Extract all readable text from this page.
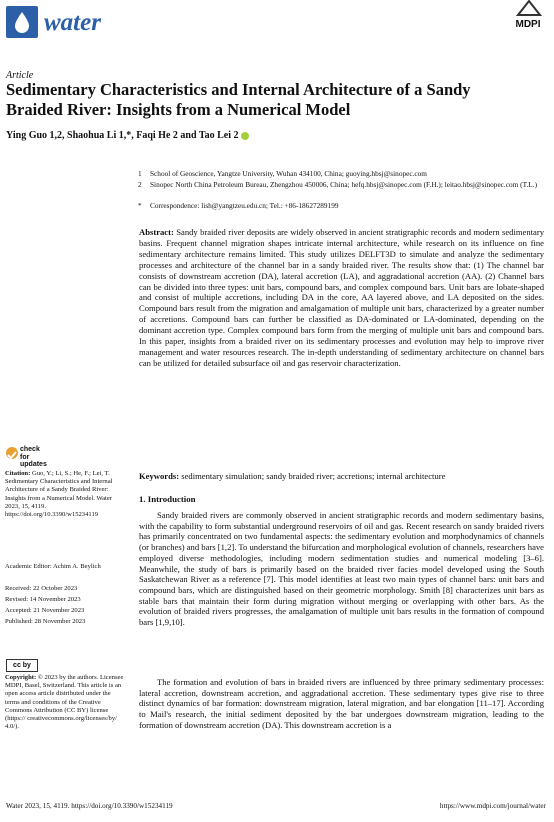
water	MDPI
Article
Sedimentary Characteristics and Internal Architecture of a Sandy Braided River: Insights from a Numerical Model
Ying Guo 1,2, Shaohua Li 1,*, Faqi He 2 and Tao Lei 2
1 School of Geoscience, Yangtze University, Wuhan 434100, China; guoying.hbsj@sinopec.com
2 Sinopec North China Petroleum Bureau, Zhengzhou 450006, China; hefq.hbsj@sinopec.com (F.H.); leitao.hbsj@sinopec.com (T.L.)
* Correspondence: lish@yangtzeu.edu.cn; Tel.: +86-18627289199
Abstract: Sandy braided river deposits are widely observed in ancient stratigraphic records and modern sedimentary basins. Frequent channel migration shapes intricate internal architecture, while research on its influence on fine sedimentary architecture remains limited. This study utilizes DELFT3D to simulate and analyze the sedimentary processes and architecture of the channel bar in a sandy braided river. The results show that: (1) The channel bar consists of downstream accretion (DA), lateral accretion (LA), and aggradational accretion (AA). (2) Channel bars can be divided into three types: unit bars, compound bars, and complex compound bars. Unit bars are lobate-shaped and consist of multiple accretions, including DA in the core, AA layered above, and LA deposited on the sides. Compound bars result from the migration and amalgamation of multiple unit bars, characterized by a greater number of accretions. Compound bars can further be classified as DA-dominated or LA-dominated, depending on the dominant accretion type. Complex compound bars form from the merging of multiple unit bars and compound bars. In this paper, insights from a braided river on its sedimentary processes and evolution may help to improve river management and water resources research. The in-depth understanding of sedimentary architecture on channel bars can be utilized for detailed subsurface oil and gas reservoir characterization.
Keywords: sedimentary simulation; sandy braided river; accretions; internal architecture
check for updates
Citation: Guo, Y.; Li, S.; He, F.; Lei, T. Sedimentary Characteristics and Internal Architecture of a Sandy Braided River: Insights from a Numerical Model. Water 2023, 15, 4119. https://doi.org/10.3390/w15234119
Academic Editor: Achim A. Beylich
Received: 22 October 2023
Revised: 14 November 2023
Accepted: 21 November 2023
Published: 28 November 2023
cc by
Copyright: © 2023 by the authors. Licensee MDPI, Basel, Switzerland. This article is an open access article distributed under the terms and conditions of the Creative Commons Attribution (CC BY) license (https:// creativecommons.org/licenses/by/ 4.0/).
1. Introduction
Sandy braided rivers are commonly observed in ancient stratigraphic records and modern sedimentary basins, with the capability to form substantial underground reservoirs of oil and gas. Recent research on sandy braided rivers has primarily concentrated on two fundamental aspects: the sedimentary evolution and morphodynamics of channels (or branches) and bars [1,2]. To understand the bifurcation and morphological evolution of channels, researchers have employed diverse methodologies, including modern sedimentation studies and numerical modeling [3–6]. Meanwhile, the study of bars is primarily based on the braided river facies model developed using the South Saskatchewan River as a reference [7]. This model identifies at least two main types of channel bars: unit bars and compound bars, which are distinguished based on their geometric morphology. Smith [8] characterizes unit bars as stable bars that maintain their form during migration without merging or overlapping with other bars. As the evolution of braided rivers progresses, the amalgamation of multiple unit bars results in the formation of compound bars [1,9,10].
The formation and evolution of bars in braided rivers are influenced by three primary sedimentary processes: lateral accretion, downstream accretion, and aggradational accretion. These sedimentary types give rise to three distinct dynamics of bar formation: downstream migration, lateral migration, and bar elongation [11–17]. According to Mail's research, the initial sediment deposited by the bar undergoes downstream migration, leading to the formation of downstream accretion (DA). This downstream accretion is a
Water 2023, 15, 4119. https://doi.org/10.3390/w15234119	https://www.mdpi.com/journal/water
